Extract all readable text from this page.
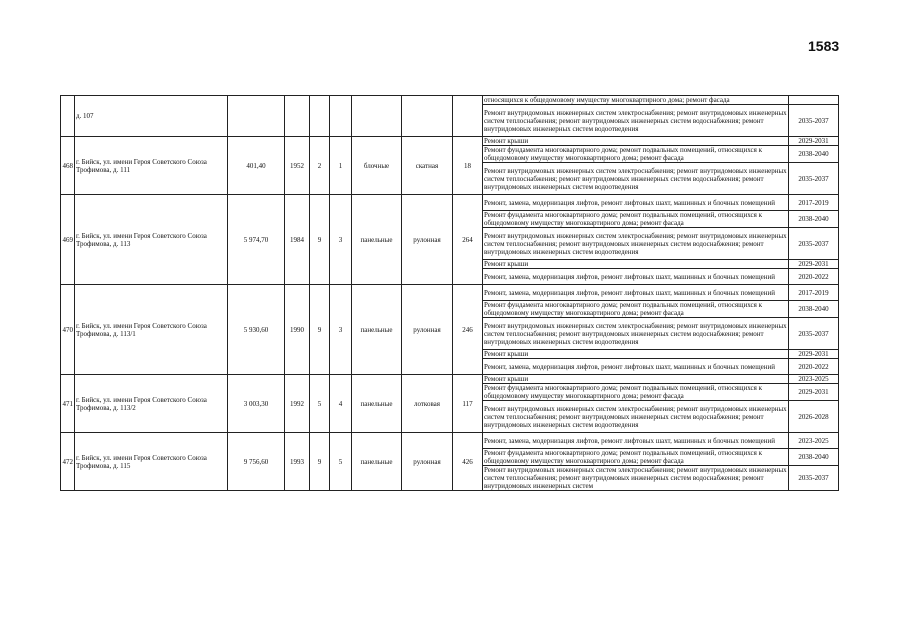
1583
	д. 107								относящихся к общедомовому имуществу многоквартирного дома; ремонт фасада	
									Ремонт внутридомовых инженерных систем электроснабжения; ремонт внутридомовых инженерных систем теплоснабжения; ремонт внутридомовых инженерных систем водоснабжения; ремонт внутридомовых инженерных систем водоотведения	2035-2037
468	г. Бийск, ул. имени Героя Советского Союза Трофимова, д. 111	401,40	1952	2	1	блочные	скатная	18	Ремонт крыши	2029-2031
									Ремонт фундамента многоквартирного дома; ремонт подвальных помещений, относящихся к общедомовому имуществу многоквартирного дома; ремонт фасада	2038-2040
									Ремонт внутридомовых инженерных систем электроснабжения; ремонт внутридомовых инженерных систем теплоснабжения; ремонт внутридомовых инженерных систем водоснабжения; ремонт внутридомовых инженерных систем водоотведения	2035-2037
469	г. Бийск, ул. имени Героя Советского Союза Трофимова, д. 113	5 974,70	1984	9	3	панельные	рулонная	264	Ремонт, замена, модернизация лифтов, ремонт лифтовых шахт, машинных и блочных помещений	2017-2019
									Ремонт фундамента многоквартирного дома; ремонт подвальных помещений, относящихся к общедомовому имуществу многоквартирного дома; ремонт фасада	2038-2040
									Ремонт внутридомовых инженерных систем электроснабжения; ремонт внутридомовых инженерных систем теплоснабжения; ремонт внутридомовых инженерных систем водоснабжения; ремонт внутридомовых инженерных систем водоотведения	2035-2037
									Ремонт крыши	2029-2031
									Ремонт, замена, модернизация лифтов, ремонт лифтовых шахт, машинных и блочных помещений	2020-2022
470	г. Бийск, ул. имени Героя Советского Союза Трофимова, д. 113/1	5 930,60	1990	9	3	панельные	рулонная	246	Ремонт, замена, модернизация лифтов, ремонт лифтовых шахт, машинных и блочных помещений	2017-2019
									Ремонт фундамента многоквартирного дома; ремонт подвальных помещений, относящихся к общедомовому имуществу многоквартирного дома; ремонт фасада	2038-2040
									Ремонт внутридомовых инженерных систем электроснабжения; ремонт внутридомовых инженерных систем теплоснабжения; ремонт внутридомовых инженерных систем водоснабжения; ремонт внутридомовых инженерных систем водоотведения	2035-2037
									Ремонт крыши	2029-2031
									Ремонт, замена, модернизация лифтов, ремонт лифтовых шахт, машинных и блочных помещений	2020-2022
471	г. Бийск, ул. имени Героя Советского Союза Трофимова, д. 113/2	3 003,30	1992	5	4	панельные	лотковая	117	Ремонт крыши	2023-2025
									Ремонт фундамента многоквартирного дома; ремонт подвальных помещений, относящихся к общедомовому имуществу многоквартирного дома; ремонт фасада	2029-2031
									Ремонт внутридомовых инженерных систем электроснабжения; ремонт внутридомовых инженерных систем теплоснабжения; ремонт внутридомовых инженерных систем водоснабжения; ремонт внутридомовых инженерных систем водоотведения	2026-2028
472	г. Бийск, ул. имени Героя Советского Союза Трофимова, д. 115	9 756,60	1993	9	5	панельные	рулонная	426	Ремонт, замена, модернизация лифтов, ремонт лифтовых шахт, машинных и блочных помещений	2023-2025
									Ремонт фундамента многоквартирного дома; ремонт подвальных помещений, относящихся к общедомовому имуществу многоквартирного дома; ремонт фасада	2038-2040
									Ремонт внутридомовых инженерных систем электроснабжения; ремонт внутридомовых инженерных систем теплоснабжения; ремонт внутридомовых инженерных систем водоснабжения; ремонт внутридомовых инженерных систем	2035-2037
